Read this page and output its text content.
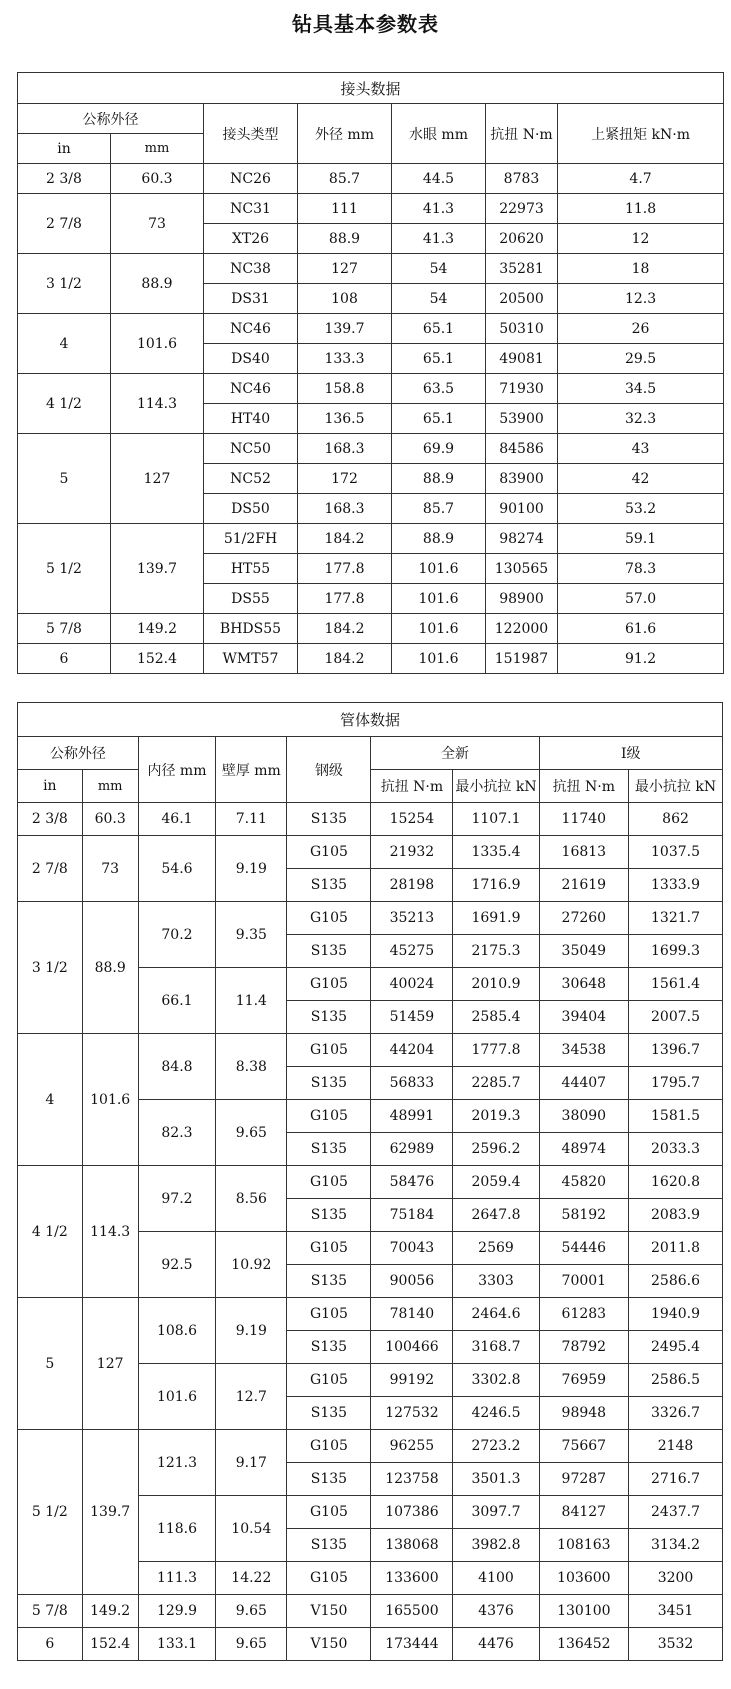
钻具基本参数表
接头数据						
公称外径		接头类型	外径 mm	水眼 mm	抗扭 N·m	上紧扭矩 kN·m
in	mm					
2 3/8	60.3	NC26	85.7	44.5	8783	4.7
2 7/8	73	NC31	111	41.3	22973	11.8
		XT26	88.9	41.3	20620	12
3 1/2	88.9	NC38	127	54	35281	18
		DS31	108	54	20500	12.3
4	101.6	NC46	139.7	65.1	50310	26
		DS40	133.3	65.1	49081	29.5
4 1/2	114.3	NC46	158.8	63.5	71930	34.5
		HT40	136.5	65.1	53900	32.3
5	127	NC50	168.3	69.9	84586	43
		NC52	172	88.9	83900	42
		DS50	168.3	85.7	90100	53.2
5 1/2	139.7	51/2FH	184.2	88.9	98274	59.1
		HT55	177.8	101.6	130565	78.3
		DS55	177.8	101.6	98900	57.0
5 7/8	149.2	BHDS55	184.2	101.6	122000	61.6
6	152.4	WMT57	184.2	101.6	151987	91.2
管体数据								
公称外径		内径 mm	壁厚 mm	钢级	全新		Ⅰ级	
in	mm				抗扭 N·m	最小抗拉 kN	抗扭 N·m	最小抗拉 kN
2 3/8	60.3	46.1	7.11	S135	15254	1107.1	11740	862
2 7/8	73	54.6	9.19	G105	21932	1335.4	16813	1037.5
				S135	28198	1716.9	21619	1333.9
3 1/2	88.9	70.2	9.35	G105	35213	1691.9	27260	1321.7
				S135	45275	2175.3	35049	1699.3
		66.1	11.4	G105	40024	2010.9	30648	1561.4
				S135	51459	2585.4	39404	2007.5
4	101.6	84.8	8.38	G105	44204	1777.8	34538	1396.7
				S135	56833	2285.7	44407	1795.7
		82.3	9.65	G105	48991	2019.3	38090	1581.5
				S135	62989	2596.2	48974	2033.3
4 1/2	114.3	97.2	8.56	G105	58476	2059.4	45820	1620.8
				S135	75184	2647.8	58192	2083.9
		92.5	10.92	G105	70043	2569	54446	2011.8
				S135	90056	3303	70001	2586.6
5	127	108.6	9.19	G105	78140	2464.6	61283	1940.9
				S135	100466	3168.7	78792	2495.4
		101.6	12.7	G105	99192	3302.8	76959	2586.5
				S135	127532	4246.5	98948	3326.7
5 1/2	139.7	121.3	9.17	G105	96255	2723.2	75667	2148
				S135	123758	3501.3	97287	2716.7
		118.6	10.54	G105	107386	3097.7	84127	2437.7
				S135	138068	3982.8	108163	3134.2
		111.3	14.22	G105	133600	4100	103600	3200
5 7/8	149.2	129.9	9.65	V150	165500	4376	130100	3451
6	152.4	133.1	9.65	V150	173444	4476	136452	3532
